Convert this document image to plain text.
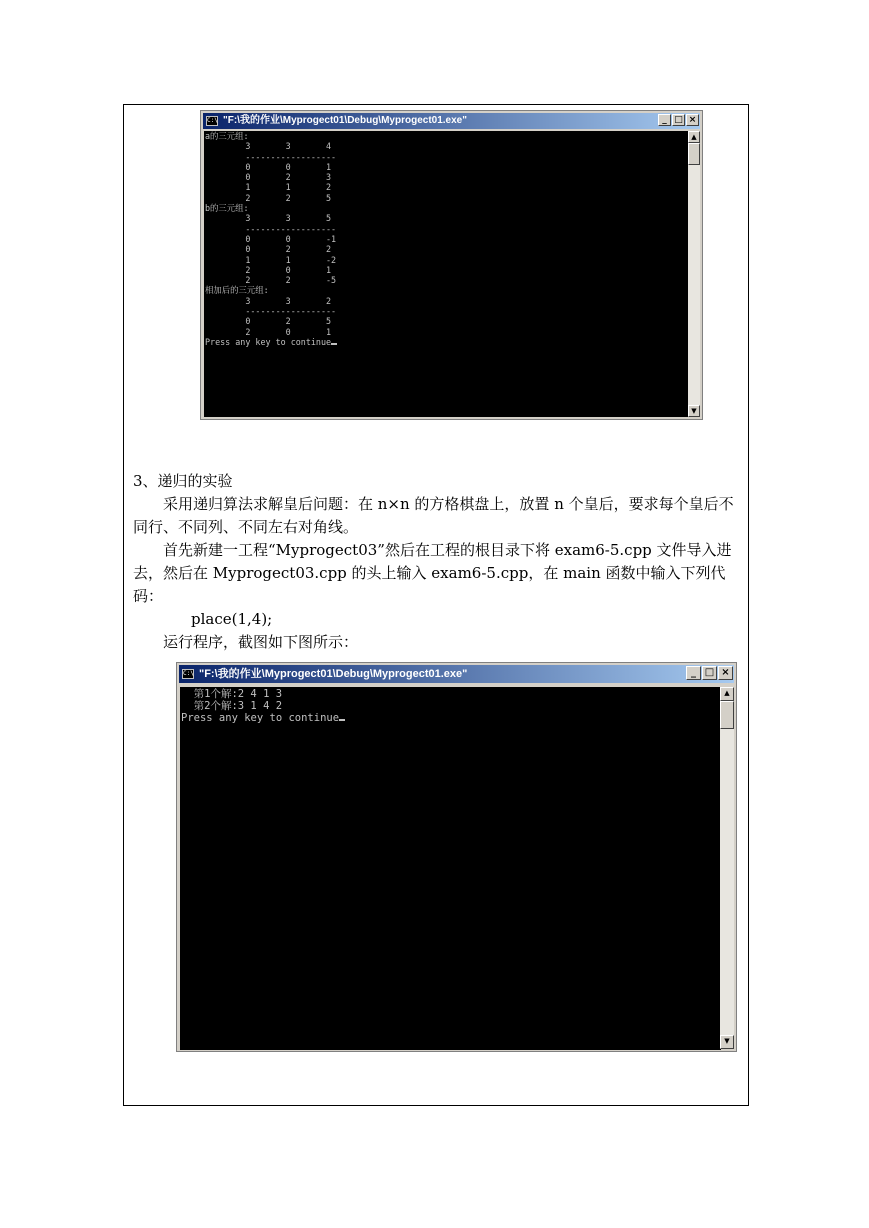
C:\ "F:\我的作业\Myprogect01\Debug\Myprogect01.exe"	_ □ ×
a的三元组:
3       3       4
------------------
0       0       1
0       2       3
1       1       2
2       2       5
b的三元组:
3       3       5
------------------
0       0       -1
0       2       2
1       1       -2
2       0       1
2       2       -5
相加后的三元组:
3       3       2
------------------
0       2       5
2       0       1
Press any key to continue
▲
▼

3、递归的实验

采用递归算法求解皇后问题：在 n×n 的方格棋盘上，放置 n 个皇后，要求每个皇后不同行、不同列、不同左右对角线。

首先新建一工程“Myprogect03”然后在工程的根目录下将 exam6-5.cpp 文件导入进去，然后在 Myprogect03.cpp 的头上输入 exam6-5.cpp，在 main 函数中输入下列代码：

place(1,4);

运行程序，截图如下图所示：

C:\ "F:\我的作业\Myprogect01\Debug\Myprogect01.exe"	_ □ ×
第1个解:2 4 1 3
第2个解:3 1 4 2
Press any key to continue
▲
▼
